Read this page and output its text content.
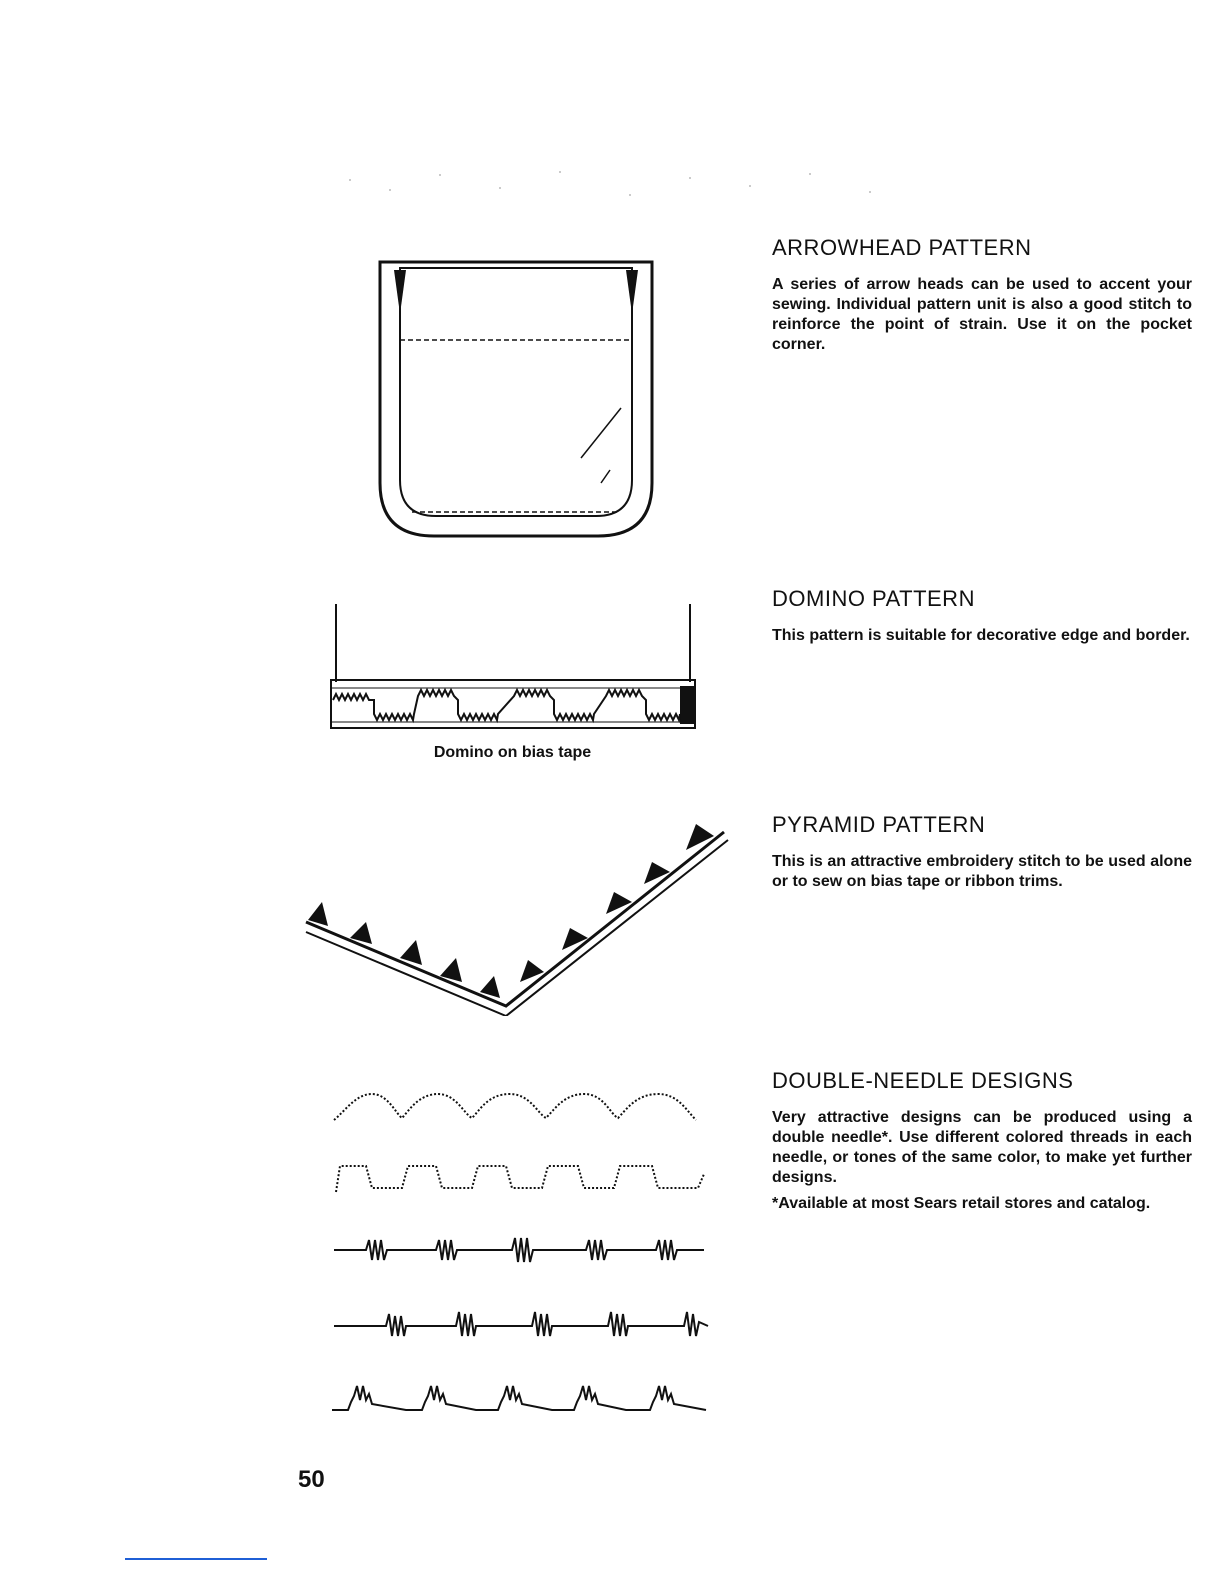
Domino on bias tape
ARROWHEAD PATTERN

A series of arrow heads can be used to accent your sewing. Individual pattern unit is also a good stitch to reinforce the point of strain. Use it on the pocket corner.

DOMINO PATTERN

This pattern is suitable for decorative edge and border.

PYRAMID PATTERN

This is an attractive embroidery stitch to be used alone or to sew on bias tape or ribbon trims.

DOUBLE-NEEDLE DESIGNS

Very attractive designs can be produced using a double needle*. Use different colored threads in each needle, or tones of the same color, to make yet further designs.

*Available at most Sears retail stores and catalog.

50
